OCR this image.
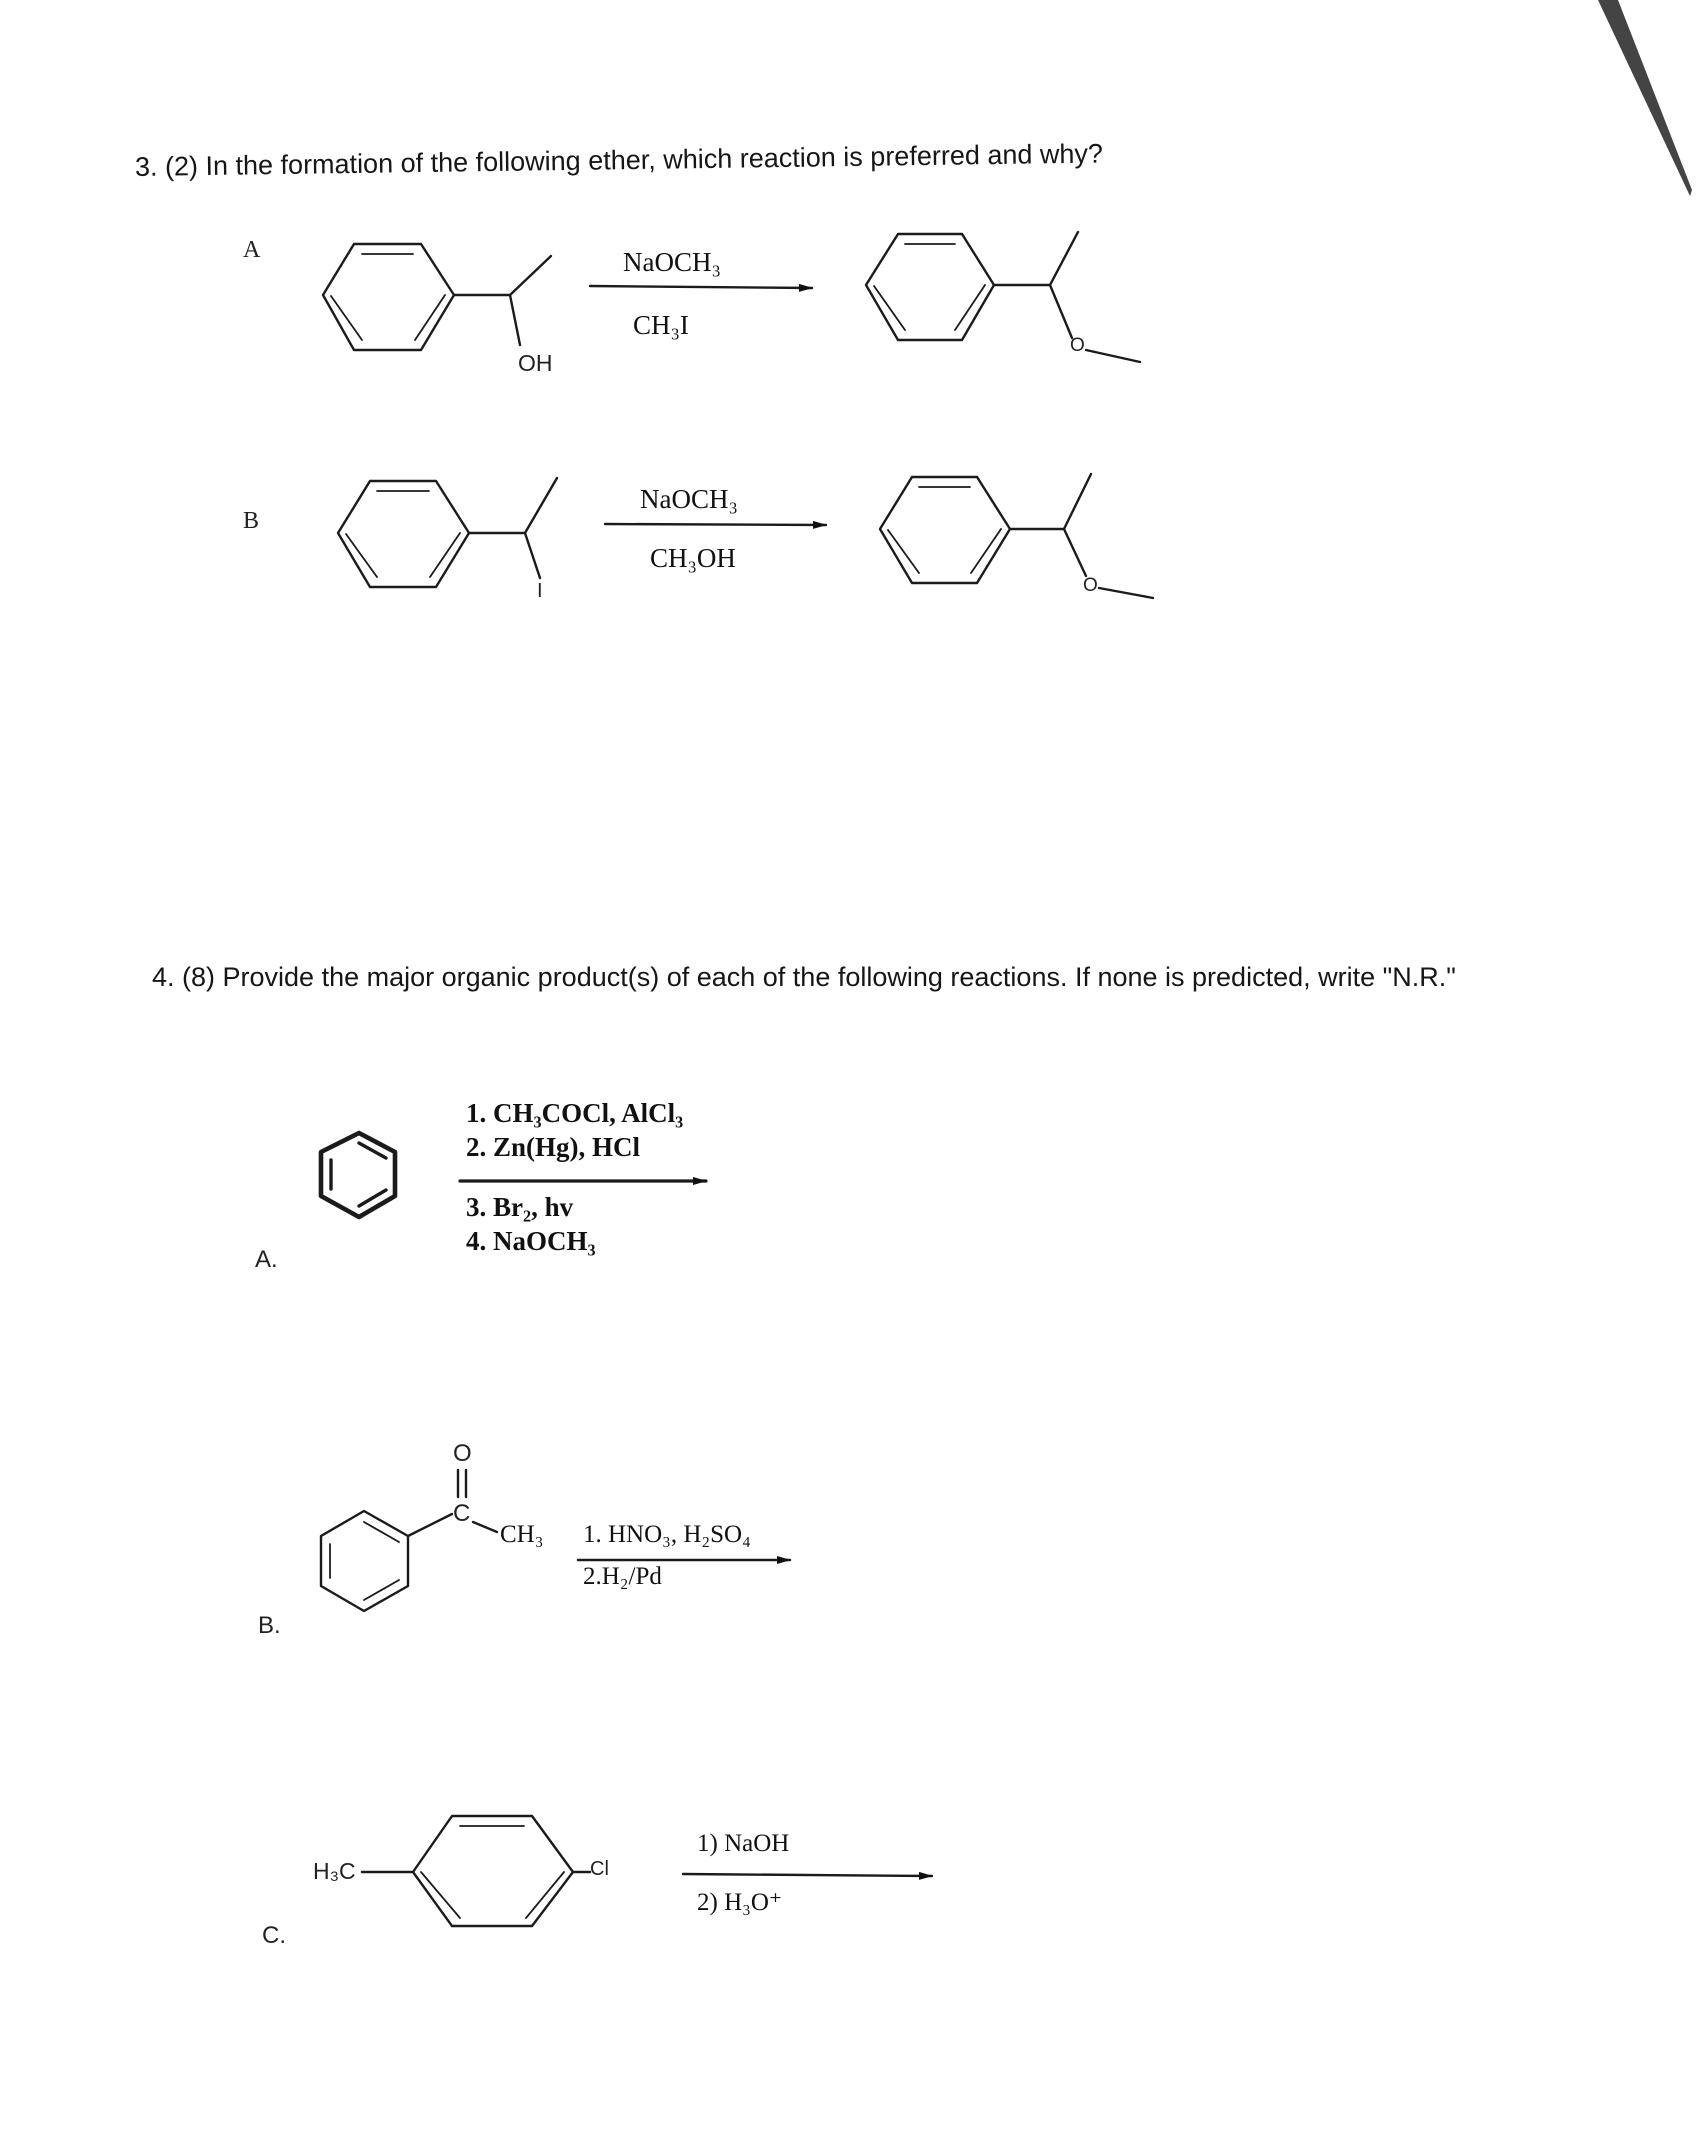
3. (2) In the formation of the following ether, which reaction is preferred and why?
A
B
NaOCH₃
CH₃I
NaOCH₃
CH₃OH
OH
O
I	O
4. (8) Provide the major organic product(s) of each of the following reactions. If none is predicted, write "N.R."
A.
B.
C.
1. CH₃COCl, AlCl₃
2. Zn(Hg), HCl
3. Br₂, hv
4. NaOCH₃
O
C
CH₃ 1. HNO₃, H₂SO₄
2.H₂/Pd
H₃C	Cl
1) NaOH
2) H₃O⁺
